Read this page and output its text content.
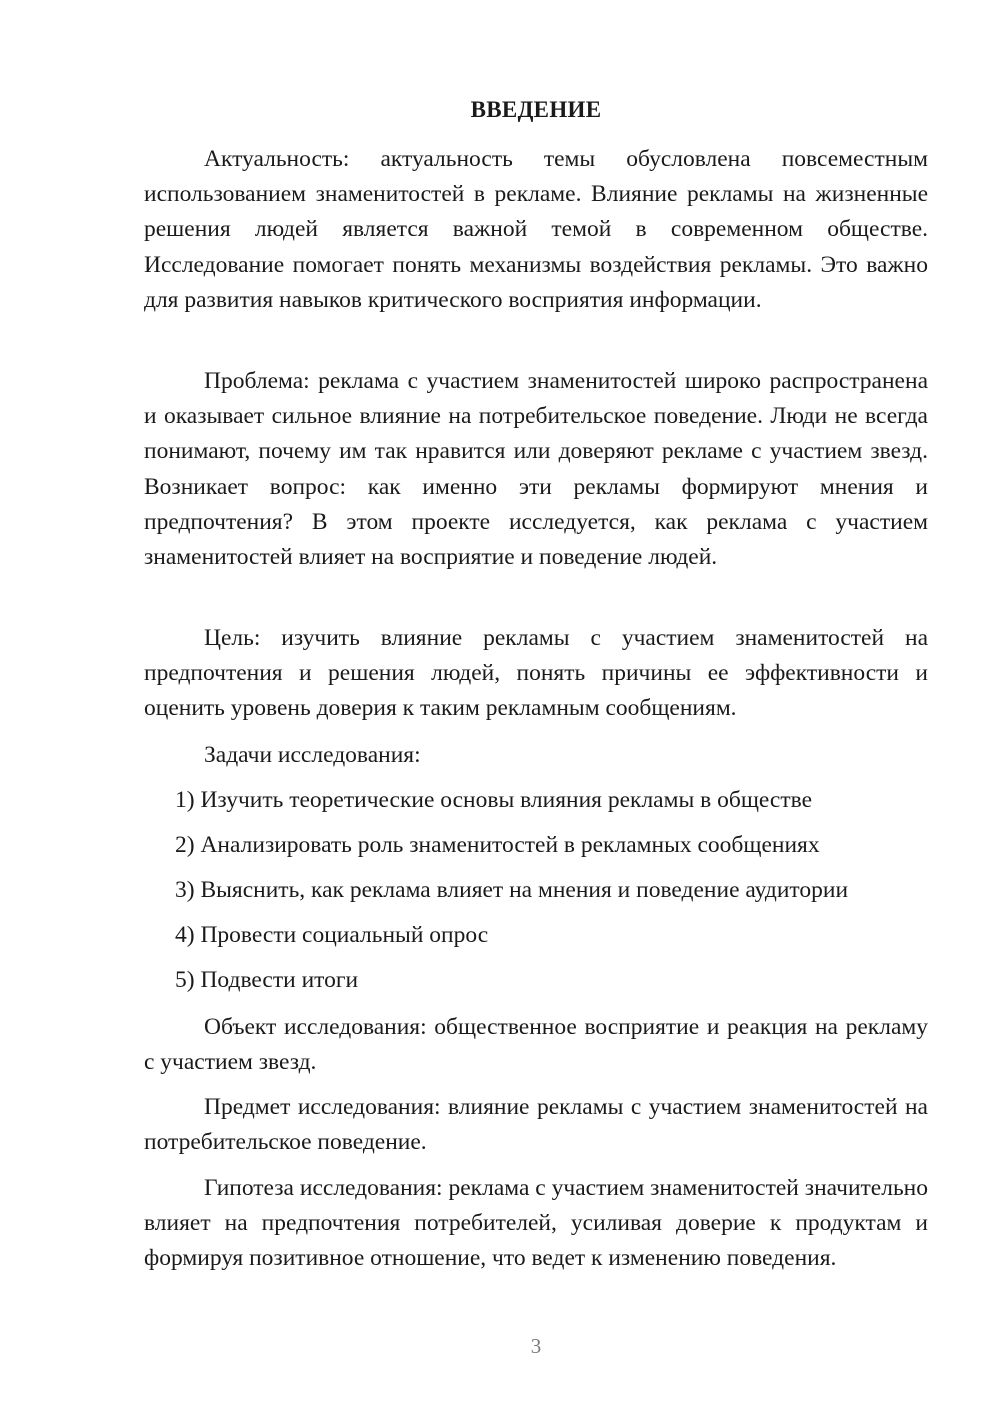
ВВЕДЕНИЕ

Актуальность: актуальность темы обусловлена повсеместным использованием знаменитостей в рекламе. Влияние рекламы на жизненные решения людей является важной темой в современном обществе. Исследование помогает понять механизмы воздействия рекламы. Это важно для развития навыков критического восприятия информации.

Проблема: реклама с участием знаменитостей широко распространена и оказывает сильное влияние на потребительское поведение. Люди не всегда понимают, почему им так нравится или доверяют рекламе с участием звезд. Возникает вопрос: как именно эти рекламы формируют мнения и предпочтения? В этом проекте исследуется, как реклама с участием знаменитостей влияет на восприятие и поведение людей.

Цель: изучить влияние рекламы с участием знаменитостей на предпочтения и решения людей, понять причины ее эффективности и оценить уровень доверия к таким рекламным сообщениям.

Задачи исследования:

1) Изучить теоретические основы влияния рекламы в обществе

2) Анализировать роль знаменитостей в рекламных сообщениях

3) Выяснить, как реклама влияет на мнения и поведение аудитории

4) Провести социальный опрос

5) Подвести итоги

Объект исследования: общественное восприятие и реакция на рекламу с участием звезд.

Предмет исследования: влияние рекламы с участием знаменитостей на потребительское поведение.

Гипотеза исследования: реклама с участием знаменитостей значительно влияет на предпочтения потребителей, усиливая доверие к продуктам и формируя позитивное отношение, что ведет к изменению поведения.

3
